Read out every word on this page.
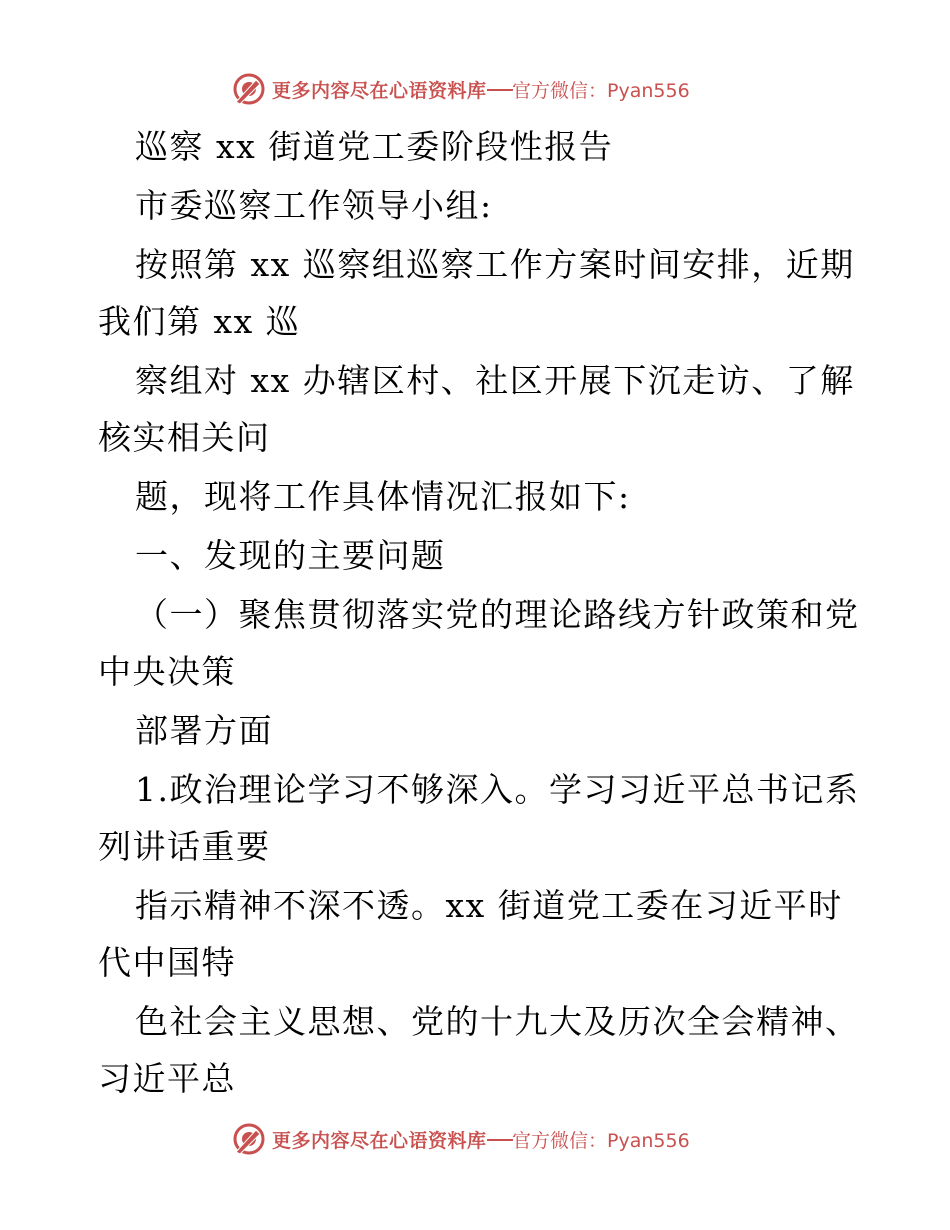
更多内容尽在心语资料库 官方微信：Pyan556
巡察 xx 街道党工委阶段性报告
市委巡察工作领导小组:
按照第 xx 巡察组巡察工作方案时间安排，近期
我们第 xx 巡
察组对 xx 办辖区村、社区开展下沉走访、了解
核实相关问
题，现将工作具体情况汇报如下:
一、发现的主要问题
（一）聚焦贯彻落实党的理论路线方针政策和党
中央决策
部署方面
1.政治理论学习不够深入。学习习近平总书记系
列讲话重要
指示精神不深不透。xx 街道党工委在习近平时
代中国特
色社会主义思想、党的十九大及历次全会精神、
习近平总
更多内容尽在心语资料库 官方微信：Pyan556
